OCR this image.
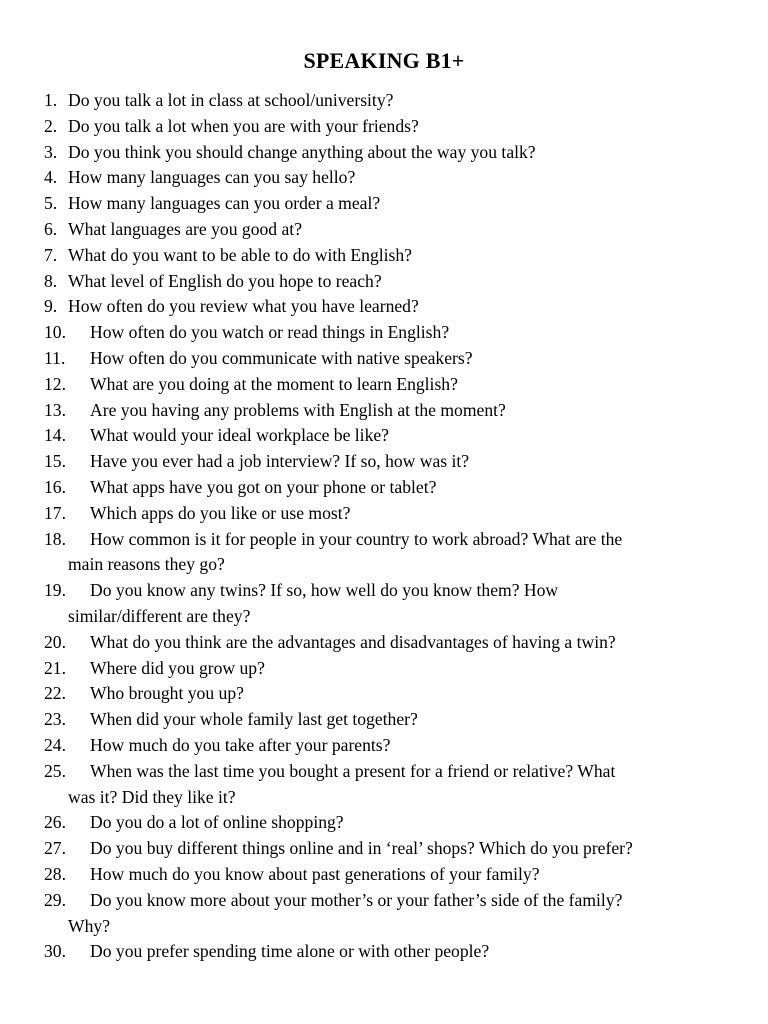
SPEAKING B1+
1. Do you talk a lot in class at school/university?
2. Do you talk a lot when you are with your friends?
3. Do you think you should change anything about the way you talk?
4. How many languages can you say hello?
5. How many languages can you order a meal?
6. What languages are you good at?
7. What do you want to be able to do with English?
8. What level of English do you hope to reach?
9. How often do you review what you have learned?
10. How often do you watch or read things in English?
11. How often do you communicate with native speakers?
12. What are you doing at the moment to learn English?
13. Are you having any problems with English at the moment?
14. What would your ideal workplace be like?
15. Have you ever had a job interview? If so, how was it?
16. What apps have you got on your phone or tablet?
17. Which apps do you like or use most?
18. How common is it for people in your country to work abroad? What are the
main reasons they go?
19. Do you know any twins? If so, how well do you know them? How
similar/different are they?
20. What do you think are the advantages and disadvantages of having a twin?
21. Where did you grow up?
22. Who brought you up?
23. When did your whole family last get together?
24. How much do you take after your parents?
25. When was the last time you bought a present for a friend or relative? What
was it? Did they like it?
26. Do you do a lot of online shopping?
27. Do you buy different things online and in ‘real’ shops? Which do you prefer?
28. How much do you know about past generations of your family?
29. Do you know more about your mother’s or your father’s side of the family?
Why?
30. Do you prefer spending time alone or with other people?
